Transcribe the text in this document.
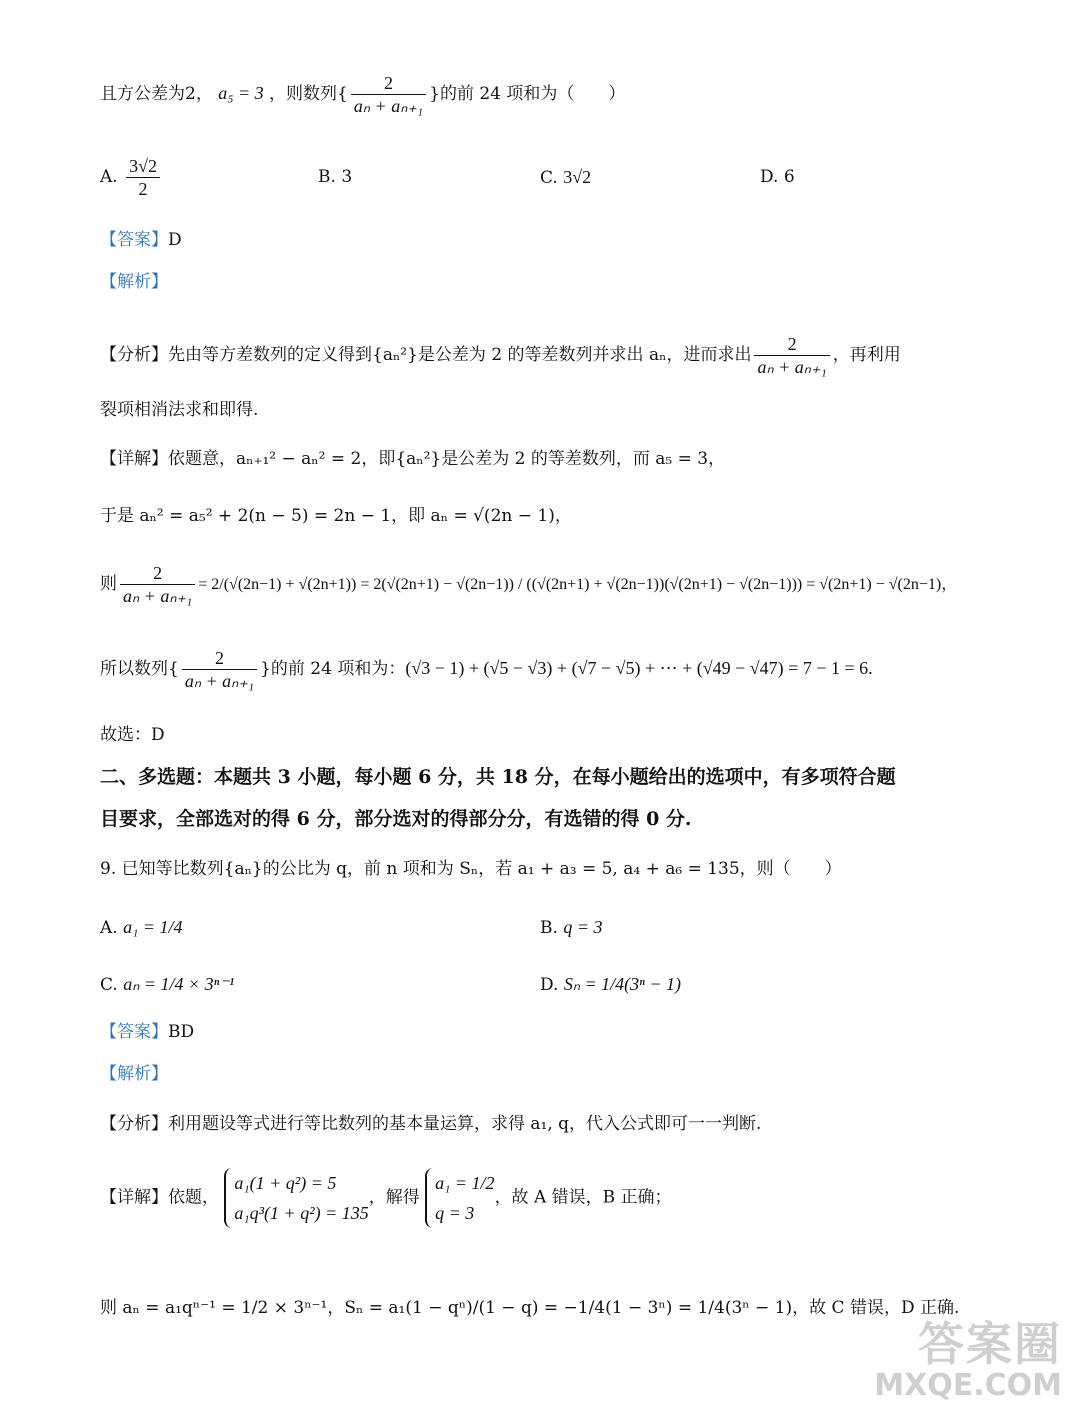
且方公差为2， a₅ = 3 ，则数列{ $\frac{2}{\text{aₙ + aₙ₊₁}}$ }的前 24 项和为（　　）
A. $\frac{3√2}{2}$	B. 3	C. 3√2	D. 6
【答案】D
【解析】
【分析】先由等方差数列的定义得到{aₙ²}是公差为 2 的等差数列并求出 aₙ，进而求出 $\frac{2}{\text{aₙ + aₙ₊₁}}$ ，再利用
裂项相消法求和即得.
【详解】依题意，aₙ₊₁² − aₙ² = 2，即{aₙ²}是公差为 2 的等差数列，而 a₅ = 3，
于是 aₙ² = a₅² + 2(n − 5) = 2n − 1，即 aₙ = √(2n − 1)，
则 $\frac{2}{\text{aₙ + aₙ₊₁}} = 2/(√(2n-1) + √(2n+1)) = 2(√(2n+1) - √(2n-1)) / ((√(2n+1) + √(2n-1))(√(2n+1) - √(2n-1))) = √(2n+1) - √(2n-1)$，
所以数列{ $\frac{2}{\text{aₙ + aₙ₊₁}}$ }的前 24 项和为：(√3 − 1) + (√5 − √3) + (√7 − √5) + ⋯ + (√49 − √47) = 7 − 1 = 6.
故选：D
二、多选题：本题共 3 小题，每小题 6 分，共 18 分，在每小题给出的选项中，有多项符合题
目要求，全部选对的得 6 分，部分选对的得部分分，有选错的得 0 分.
9. 已知等比数列{aₙ}的公比为 q，前 n 项和为 Sₙ，若 a₁ + a₃ = 5, a₄ + a₆ = 135，则（　　）
A. a₁ = 1/4	B. q = 3
C. aₙ = 1/4 × 3ⁿ⁻¹	D. Sₙ = 1/4(3ⁿ − 1)
【答案】BD
【解析】
【分析】利用题设等式进行等比数列的基本量运算，求得 a₁, q，代入公式即可一一判断.
【详解】依题，
a₁(1 + q²) = 5
a₁q³(1 + q²) = 135
，解得
a₁ = 1/2
q = 3
，故 A 错误，B 正确；
则 aₙ = a₁qⁿ⁻¹ = 1/2 × 3ⁿ⁻¹，Sₙ = a₁(1 − qⁿ)/(1 − q) = −1/4(1 − 3ⁿ) = 1/4(3ⁿ − 1)，故 C 错误，D 正确.
答案圈
MXQE.COM
